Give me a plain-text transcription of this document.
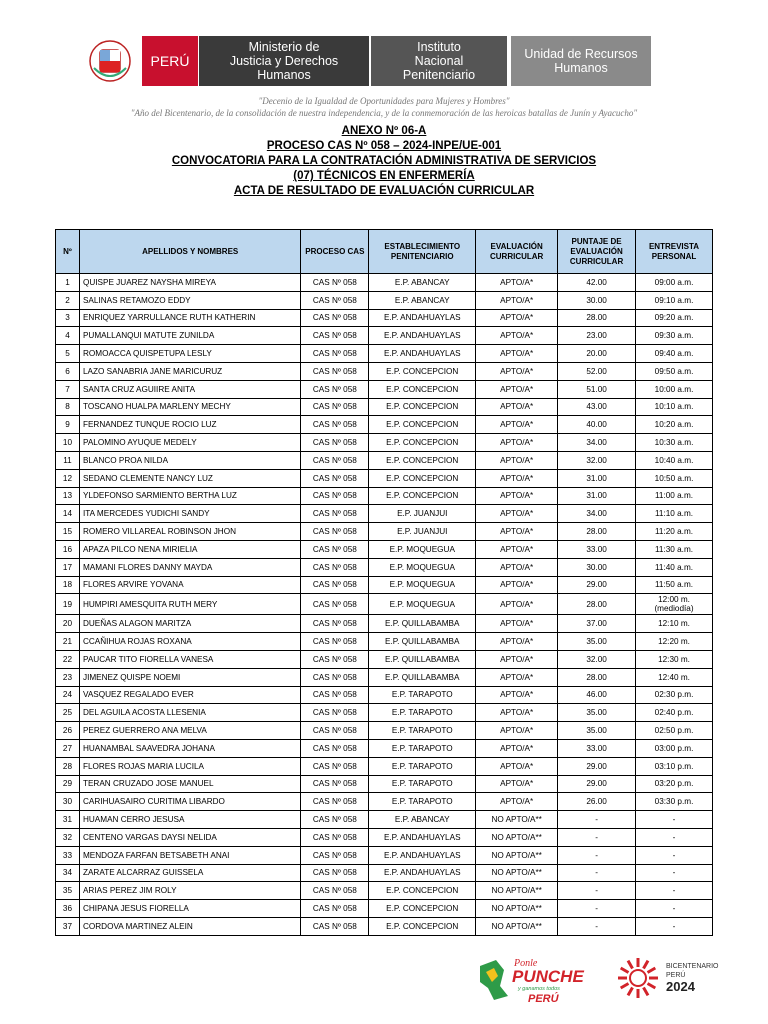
PERÚ
Ministerio de
Justicia y Derechos
Humanos
Instituto
Nacional
Penitenciario
Unidad de Recursos
Humanos
"Decenio de la Igualdad de Oportunidades para Mujeres y Hombres"
"Año del Bicentenario, de la consolidación de nuestra independencia, y de la conmemoración de las heroicas batallas de Junín y Ayacucho"
ANEXO Nº 06-A
PROCESO CAS Nº 058 – 2024-INPE/UE-001
CONVOCATORIA PARA LA CONTRATACIÓN ADMINISTRATIVA DE SERVICIOS
(07) TÉCNICOS EN ENFERMERÍA
ACTA DE RESULTADO DE EVALUACIÓN CURRICULAR
Nº	APELLIDOS Y NOMBRES	PROCESO CAS	ESTABLECIMIENTO PENITENCIARIO	EVALUACIÓN CURRICULAR	PUNTAJE DE EVALUACIÓN CURRICULAR	ENTREVISTA PERSONAL
1	QUISPE JUAREZ NAYSHA MIREYA	CAS Nº 058	E.P. ABANCAY	APTO/A*	42.00	09:00 a.m.
2	SALINAS RETAMOZO EDDY	CAS Nº 058	E.P. ABANCAY	APTO/A*	30.00	09:10 a.m.
3	ENRIQUEZ YARRULLANCE RUTH KATHERIN	CAS Nº 058	E.P. ANDAHUAYLAS	APTO/A*	28.00	09:20 a.m.
4	PUMALLANQUI MATUTE ZUNILDA	CAS Nº 058	E.P. ANDAHUAYLAS	APTO/A*	23.00	09:30 a.m.
5	ROMOACCA QUISPETUPA LESLY	CAS Nº 058	E.P. ANDAHUAYLAS	APTO/A*	20.00	09:40 a.m.
6	LAZO SANABRIA JANE MARICURUZ	CAS Nº 058	E.P. CONCEPCION	APTO/A*	52.00	09:50 a.m.
7	SANTA CRUZ AGUIIRE ANITA	CAS Nº 058	E.P. CONCEPCION	APTO/A*	51.00	10:00 a.m.
8	TOSCANO HUALPA MARLENY MECHY	CAS Nº 058	E.P. CONCEPCION	APTO/A*	43.00	10:10 a.m.
9	FERNANDEZ TUNQUE ROCIO LUZ	CAS Nº 058	E.P. CONCEPCION	APTO/A*	40.00	10:20 a.m.
10	PALOMINO AYUQUE MEDELY	CAS Nº 058	E.P. CONCEPCION	APTO/A*	34.00	10:30 a.m.
11	BLANCO PROA NILDA	CAS Nº 058	E.P. CONCEPCION	APTO/A*	32.00	10:40 a.m.
12	SEDANO CLEMENTE NANCY LUZ	CAS Nº 058	E.P. CONCEPCION	APTO/A*	31.00	10:50 a.m.
13	YLDEFONSO SARMIENTO BERTHA LUZ	CAS Nº 058	E.P. CONCEPCION	APTO/A*	31.00	11:00 a.m.
14	ITA MERCEDES YUDICHI SANDY	CAS Nº 058	E.P. JUANJUI	APTO/A*	34.00	11:10 a.m.
15	ROMERO VILLAREAL ROBINSON JHON	CAS Nº 058	E.P. JUANJUI	APTO/A*	28.00	11:20 a.m.
16	APAZA PILCO NENA MIRIELIA	CAS Nº 058	E.P. MOQUEGUA	APTO/A*	33.00	11:30 a.m.
17	MAMANI FLORES DANNY MAYDA	CAS Nº 058	E.P. MOQUEGUA	APTO/A*	30.00	11:40 a.m.
18	FLORES ARVIRE YOVANA	CAS Nº 058	E.P. MOQUEGUA	APTO/A*	29.00	11:50 a.m.
19	HUMPIRI AMESQUITA RUTH MERY	CAS Nº 058	E.P. MOQUEGUA	APTO/A*	28.00	12:00 m. (mediodía)
20	DUEÑAS ALAGON MARITZA	CAS Nº 058	E.P. QUILLABAMBA	APTO/A*	37.00	12:10 m.
21	CCAÑIHUA ROJAS ROXANA	CAS Nº 058	E.P. QUILLABAMBA	APTO/A*	35.00	12:20 m.
22	PAUCAR TITO FIORELLA VANESA	CAS Nº 058	E.P. QUILLABAMBA	APTO/A*	32.00	12:30 m.
23	JIMENEZ QUISPE NOEMI	CAS Nº 058	E.P. QUILLABAMBA	APTO/A*	28.00	12:40 m.
24	VASQUEZ REGALADO EVER	CAS Nº 058	E.P. TARAPOTO	APTO/A*	46.00	02:30 p.m.
25	DEL AGUILA ACOSTA LLESENIA	CAS Nº 058	E.P. TARAPOTO	APTO/A*	35.00	02:40 p.m.
26	PEREZ GUERRERO ANA MELVA	CAS Nº 058	E.P. TARAPOTO	APTO/A*	35.00	02:50 p.m.
27	HUANAMBAL SAAVEDRA JOHANA	CAS Nº 058	E.P. TARAPOTO	APTO/A*	33.00	03:00 p.m.
28	FLORES ROJAS MARIA LUCILA	CAS Nº 058	E.P. TARAPOTO	APTO/A*	29.00	03:10 p.m.
29	TERAN CRUZADO JOSE MANUEL	CAS Nº 058	E.P. TARAPOTO	APTO/A*	29.00	03:20 p.m.
30	CARIHUASAIRO CURITIMA LIBARDO	CAS Nº 058	E.P. TARAPOTO	APTO/A*	26.00	03:30 p.m.
31	HUAMAN CERRO JESUSA	CAS Nº 058	E.P. ABANCAY	NO APTO/A**	-	-
32	CENTENO VARGAS DAYSI NELIDA	CAS Nº 058	E.P. ANDAHUAYLAS	NO APTO/A**	-	-
33	MENDOZA FARFAN BETSABETH ANAI	CAS Nº 058	E.P. ANDAHUAYLAS	NO APTO/A**	-	-
34	ZARATE ALCARRAZ GUISSELA	CAS Nº 058	E.P. ANDAHUAYLAS	NO APTO/A**	-	-
35	ARIAS PEREZ JIM ROLY	CAS Nº 058	E.P. CONCEPCION	NO APTO/A**	-	-
36	CHIPANA JESUS FIORELLA	CAS Nº 058	E.P. CONCEPCION	NO APTO/A**	-	-
37	CORDOVA MARTINEZ ALEIN	CAS Nº 058	E.P. CONCEPCION	NO APTO/A**	-	-
Ponle
PUNCHE
y ganamos todos
PERÚ
BICENTENARIO
PERÚ
2024
